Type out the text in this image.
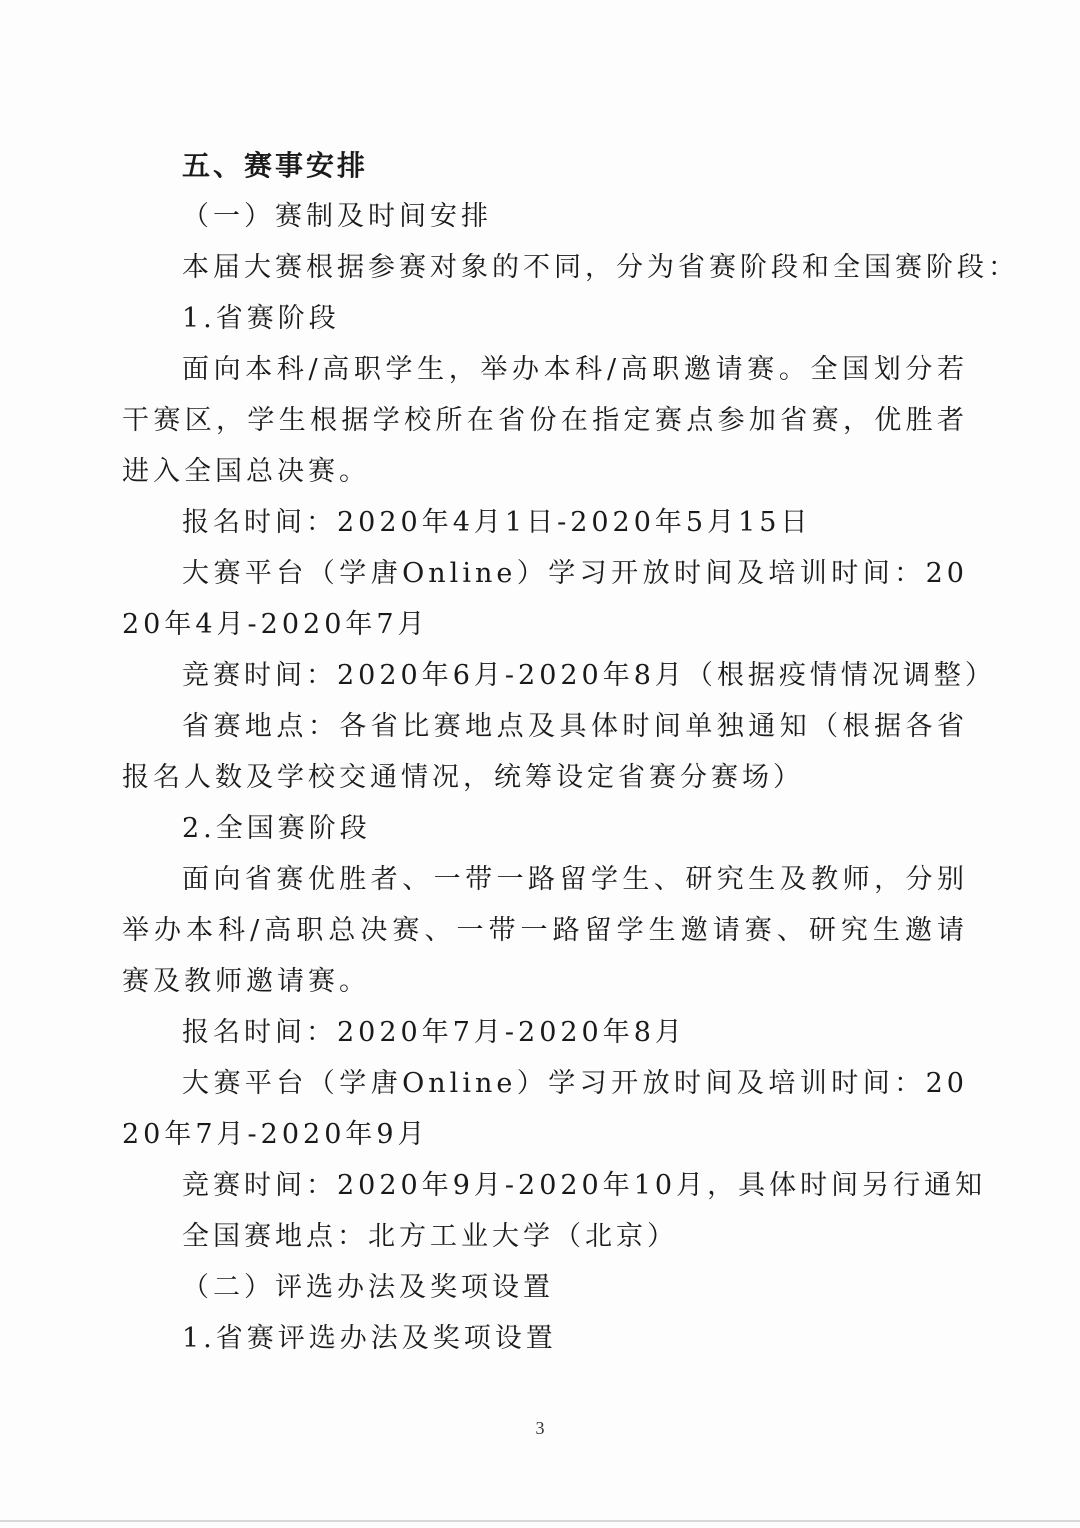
五、赛事安排
（一）赛制及时间安排
本届大赛根据参赛对象的不同，分为省赛阶段和全国赛阶段：
1.省赛阶段
面向本科/高职学生，举办本科/高职邀请赛。全国划分若干赛区，学生根据学校所在省份在指定赛点参加省赛，优胜者进入全国总决赛。
报名时间：2020年4月1日-2020年5月15日
大赛平台（学唐Online）学习开放时间及培训时间：2020年4月-2020年7月
竞赛时间：2020年6月-2020年8月（根据疫情情况调整）
省赛地点：各省比赛地点及具体时间单独通知（根据各省报名人数及学校交通情况，统筹设定省赛分赛场）
2.全国赛阶段
面向省赛优胜者、一带一路留学生、研究生及教师，分别举办本科/高职总决赛、一带一路留学生邀请赛、研究生邀请赛及教师邀请赛。
报名时间：2020年7月-2020年8月
大赛平台（学唐Online）学习开放时间及培训时间：2020年7月-2020年9月
竞赛时间：2020年9月-2020年10月，具体时间另行通知
全国赛地点：北方工业大学（北京）
（二）评选办法及奖项设置
1.省赛评选办法及奖项设置
3
